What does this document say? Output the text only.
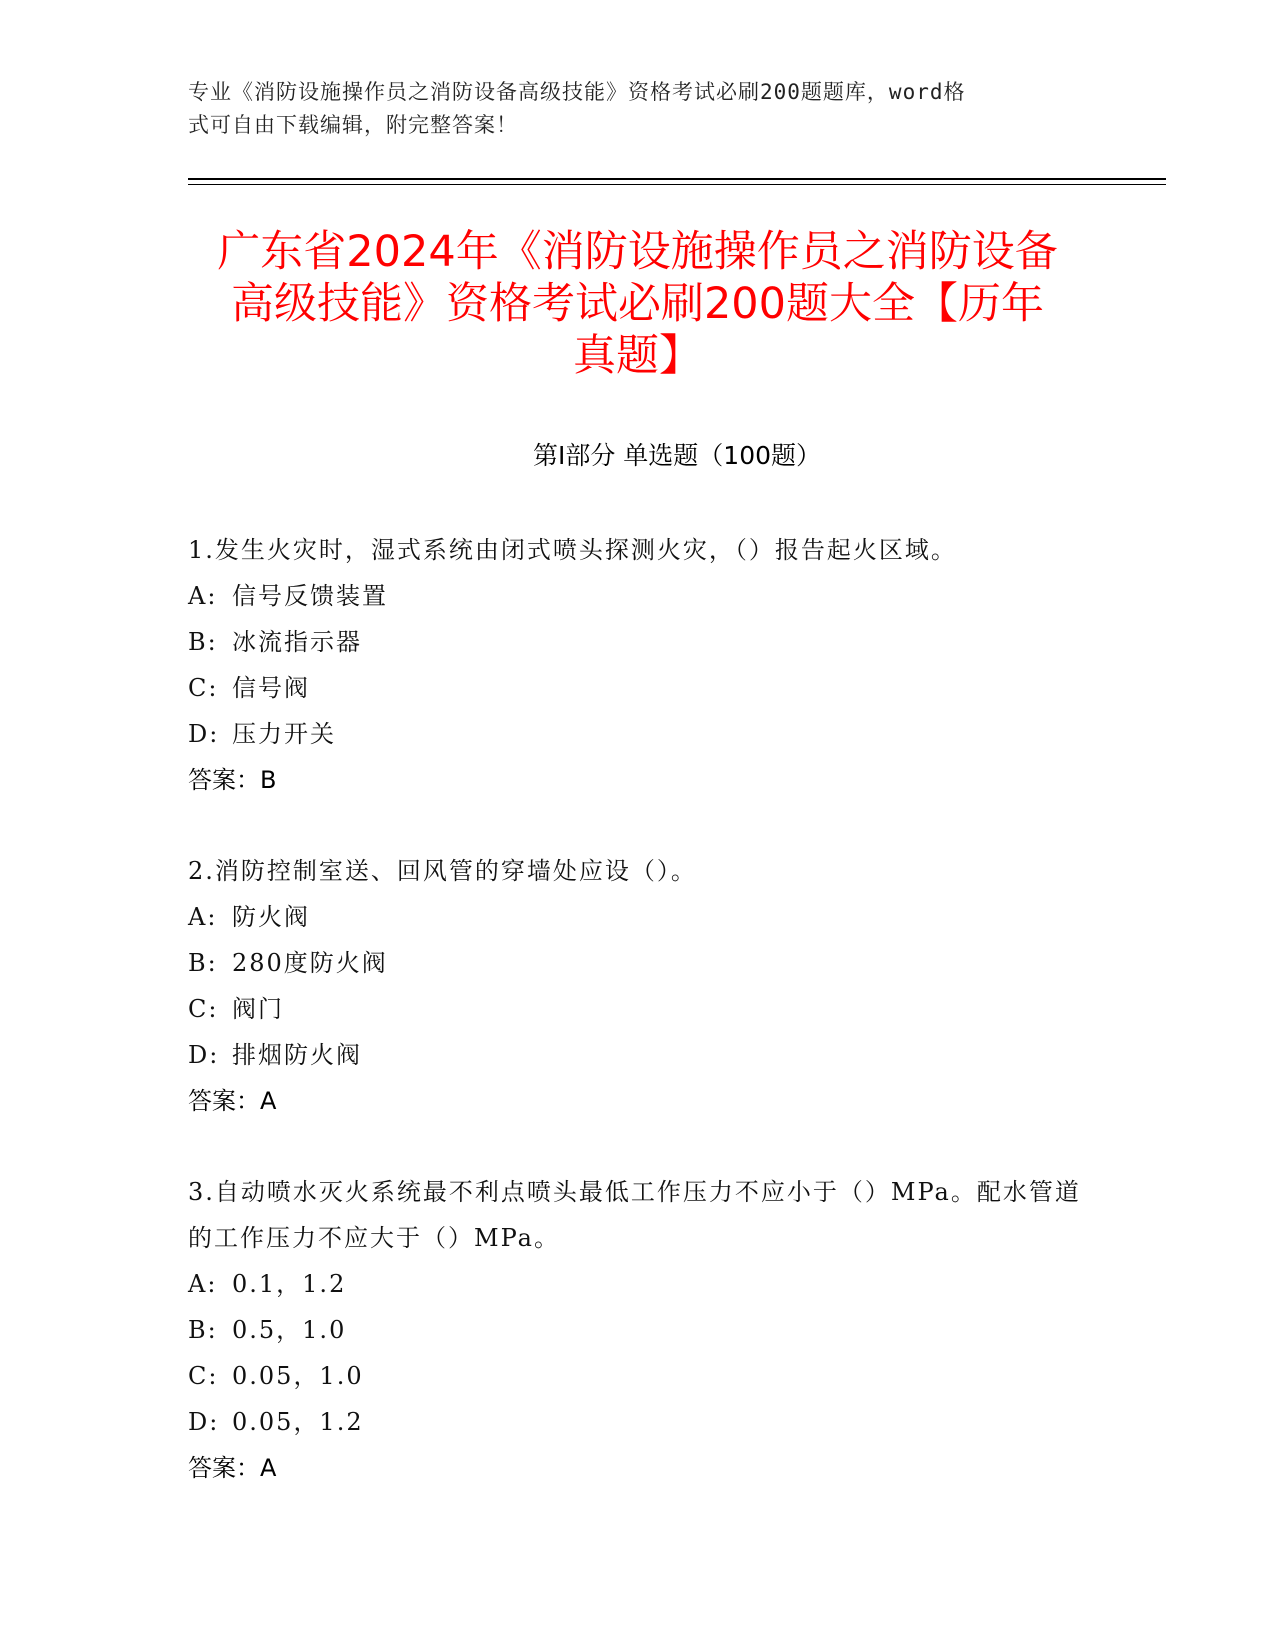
专业《消防设施操作员之消防设备高级技能》资格考试必刷200题题库，word格
式可自由下载编辑，附完整答案！
广东省2024年《消防设施操作员之消防设备
高级技能》资格考试必刷200题大全【历年
真题】
第Ⅰ部分 单选题（100题）

1.发生火灾时，湿式系统由闭式喷头探测火灾，（）报告起火区域。

A: 信号反馈装置
B: 冰流指示器
C: 信号阀
D: 压力开关
答案：B

2.消防控制室送、回风管的穿墙处应设（）。

A: 防火阀
B: 280度防火阀
C: 阀门
D: 排烟防火阀
答案：A

3.自动喷水灭火系统最不利点喷头最低工作压力不应小于（）MPa。配水管道的工作压力不应大于（）MPa。

A: 0.1，1.2
B: 0.5，1.0
C: 0.05，1.0
D: 0.05，1.2
答案：A
